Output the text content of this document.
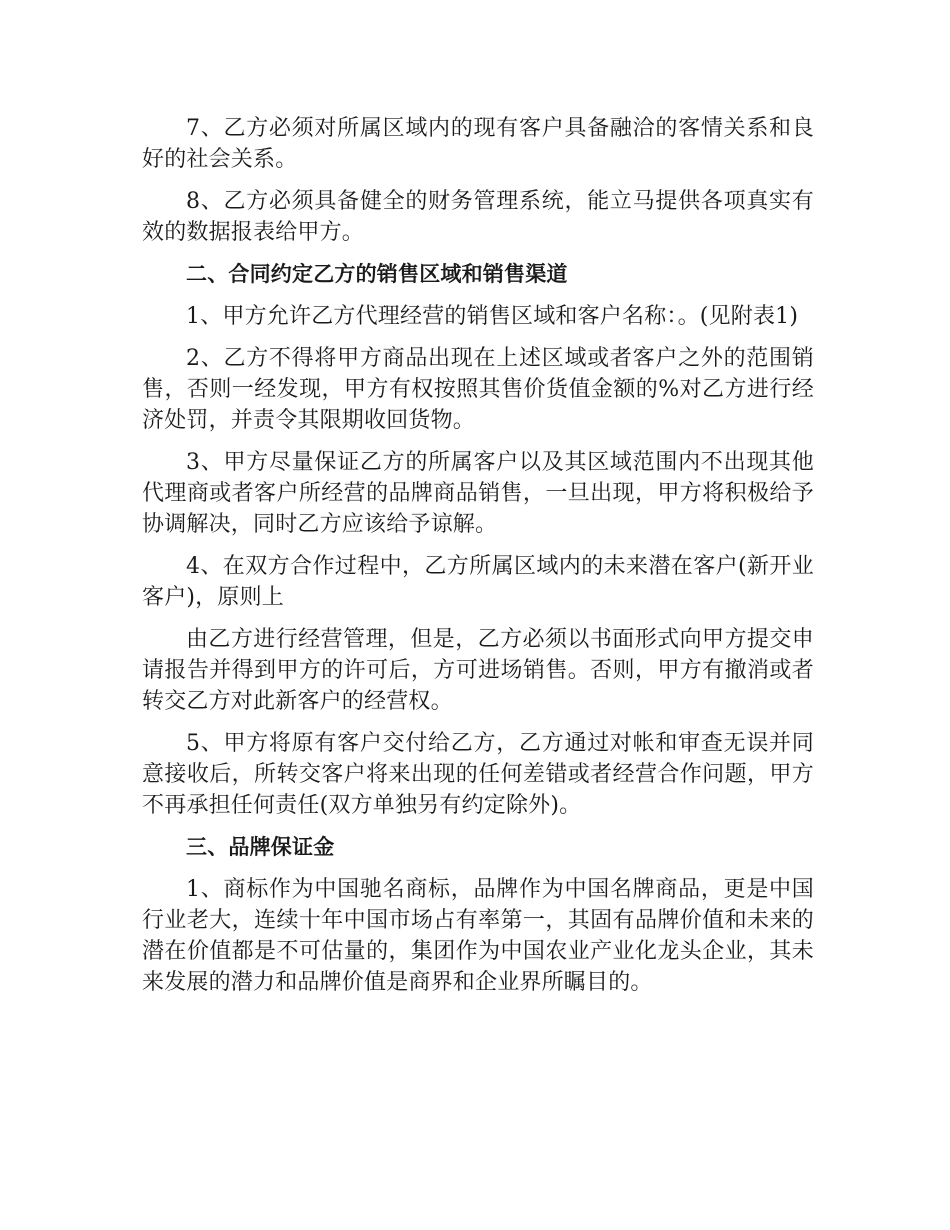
7、乙方必须对所属区域内的现有客户具备融洽的客情关系和良好的社会关系。

8、乙方必须具备健全的财务管理系统，能立马提供各项真实有效的数据报表给甲方。

二、合同约定乙方的销售区域和销售渠道

1、甲方允许乙方代理经营的销售区域和客户名称：。(见附表1)

2、乙方不得将甲方商品出现在上述区域或者客户之外的范围销售，否则一经发现，甲方有权按照其售价货值金额的%对乙方进行经济处罚，并责令其限期收回货物。

3、甲方尽量保证乙方的所属客户以及其区域范围内不出现其他代理商或者客户所经营的品牌商品销售，一旦出现，甲方将积极给予协调解决，同时乙方应该给予谅解。

4、在双方合作过程中，乙方所属区域内的未来潜在客户(新开业客户)，原则上

由乙方进行经营管理，但是，乙方必须以书面形式向甲方提交申请报告并得到甲方的许可后，方可进场销售。否则，甲方有撤消或者转交乙方对此新客户的经营权。

5、甲方将原有客户交付给乙方，乙方通过对帐和审查无误并同意接收后，所转交客户将来出现的任何差错或者经营合作问题，甲方不再承担任何责任(双方单独另有约定除外)。

三、品牌保证金

1、商标作为中国驰名商标，品牌作为中国名牌商品，更是中国行业老大，连续十年中国市场占有率第一，其固有品牌价值和未来的潜在价值都是不可估量的，集团作为中国农业产业化龙头企业，其未来发展的潜力和品牌价值是商界和企业界所瞩目的。
